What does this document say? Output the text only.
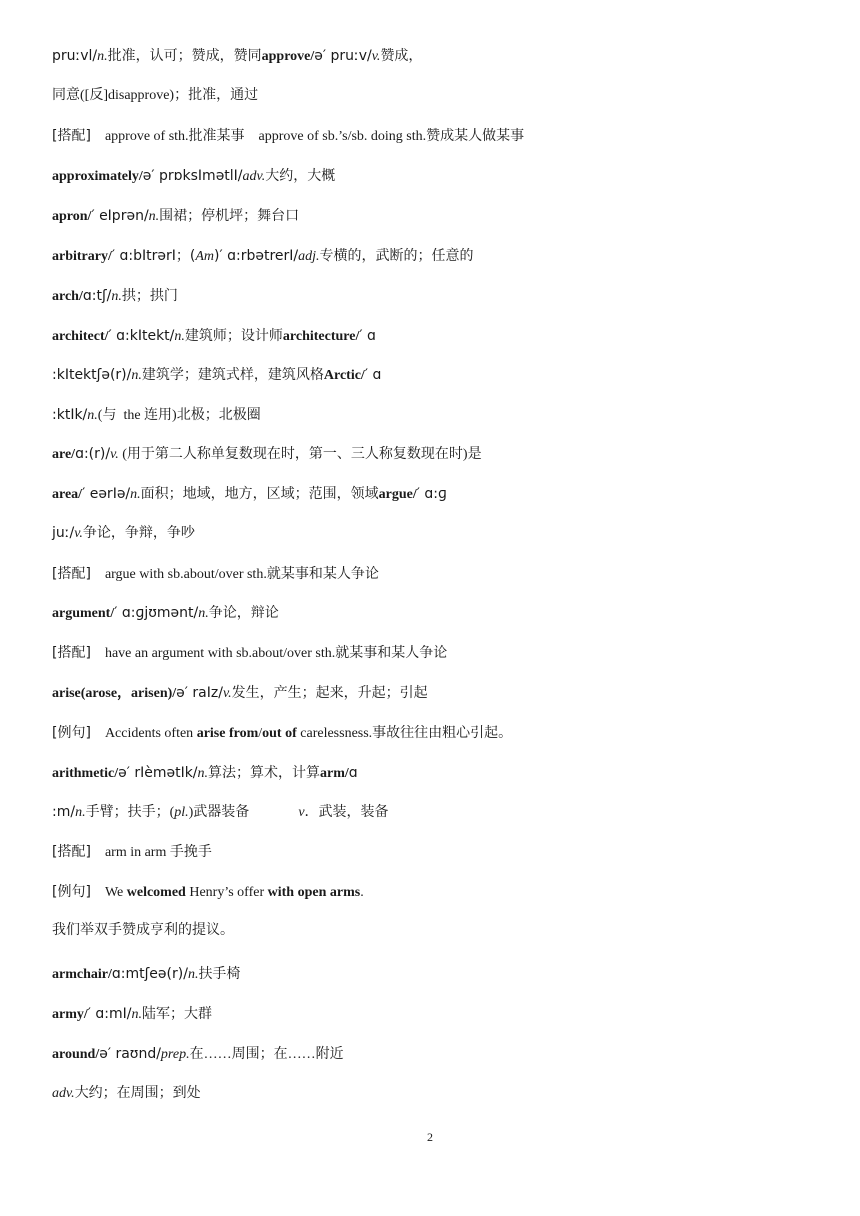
pruːvl/n.批准，认可；赞成，赞同approve/ə′ pruːv/v.赞成，
同意([反]disapprove)；批准，通过
[搭配]    approve of sth.批准某事    approve of sb.’s/sb. doing sth.赞成某人做某事
approximately/ə′ prɒksImətlI/adv.大约，大概
apron/′ eIprən/n.围裙；停机坪；舞台口
arbitrary/′ ɑ:bItrərI；(Am)′ ɑ:rbətrerI/adj.专横的，武断的；任意的
arch/ɑ:tʃ/n.拱；拱门
architect/′ ɑ:kItekt/n.建筑师；设计师architecture/′ ɑ
:kItektʃə(r)/n.建筑学；建筑式样，建筑风格Arctic/′ ɑ
:ktIk/n.(与  the 连用)北极；北极圈
are/ɑ:(r)/v. (用于第二人称单复数现在时，第一、三人称复数现在时)是
area/′ eərIə/n.面积；地域，地方，区域；范围，领域argue/′ ɑ:ɡ
juː/v.争论，争辩，争吵
[搭配]    argue with sb.about/over sth.就某事和某人争论
argument/′ ɑ:ɡjʊmənt/n.争论，辩论
[搭配]    have an argument with sb.about/over sth.就某事和某人争论
arise(arose，arisen)/ə′ raIz/v.发生，产生；起来，升起；引起
[例句]    Accidents often arise from/out of carelessness.事故往往由粗心引起。
arithmetic/ə′ rIèmətIk/n.算法；算术，计算arm/ɑ
:m/n.手臂；扶手；(pl.)武器装备              v．武装，装备
[搭配]    arm in arm 手挽手
[例句]    We welcomed Henry’s offer with open arms.
我们举双手赞成亨利的提议。
armchair/ɑ:mtʃeə(r)/n.扶手椅
army/′ ɑ:mI/n.陆军；大群
around/ə′ raʊnd/prep.在……周围；在……附近
adv.大约；在周围；到处
2
